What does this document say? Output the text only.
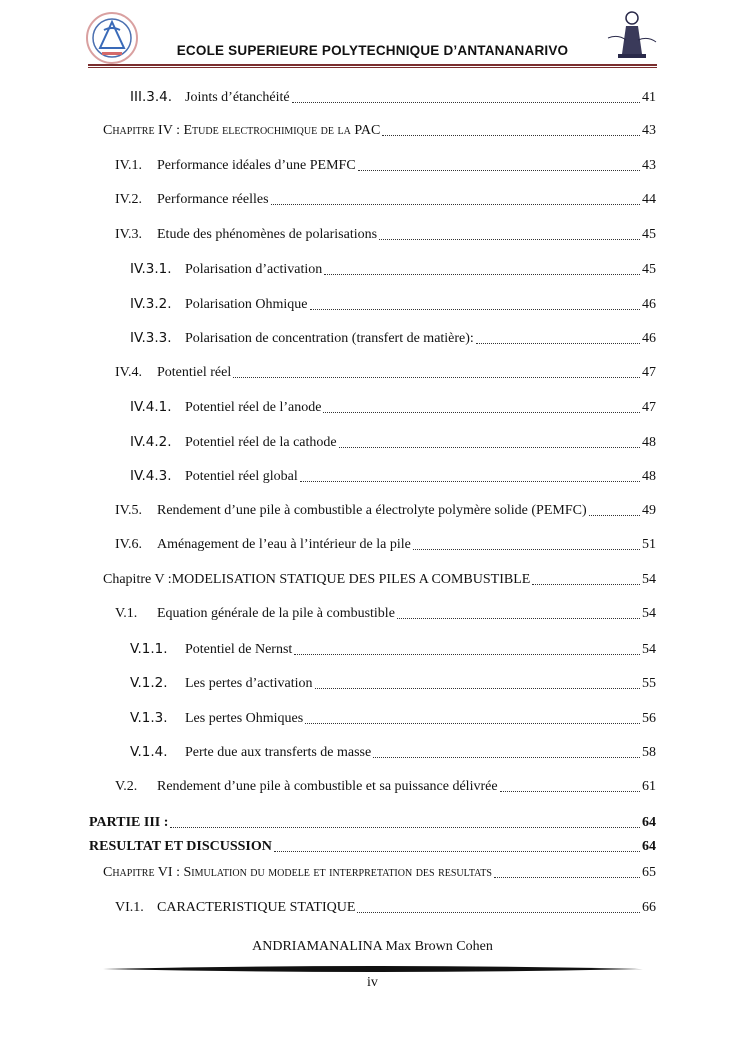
ECOLE SUPERIEURE POLYTECHNIQUE D’ANTANANARIVO
III.3.4. Joints d’étanchéité	41
Chapitre IV : Etude electrochimique de la PAC	43
IV.1.	Performance idéales d’une PEMFC	43
IV.2.	Performance réelles	44
IV.3.	Etude des phénomènes de polarisations	45
IV.3.1. Polarisation d’activation	45
IV.3.2. Polarisation Ohmique	46
IV.3.3. Polarisation de concentration (transfert de matière):	46
IV.4.	Potentiel réel	47
IV.4.1. Potentiel réel de l’anode	47
IV.4.2. Potentiel réel de la cathode	48
IV.4.3. Potentiel réel global	48
IV.5.	Rendement d’une pile à combustible a électrolyte polymère solide (PEMFC)	49
IV.6.	Aménagement de l’eau à l’intérieur de la pile	51
Chapitre V :MODELISATION STATIQUE DES PILES A COMBUSTIBLE	54
V.1.	Equation générale de la pile à combustible	54
V.1.1.	Potentiel de Nernst	54
V.1.2.	Les pertes d’activation	55
V.1.3.	Les pertes Ohmiques	56
V.1.4.	Perte due aux transferts de masse	58
V.2.	Rendement d’une pile à combustible et sa puissance délivrée	61
PARTIE III :	64
RESULTAT ET DISCUSSION	64
Chapitre VI : Simulation du modele et interpretation des resultats	65
VI.1. CARACTERISTIQUE STATIQUE	66
ANDRIAMANALINA Max Brown Cohen
iv
